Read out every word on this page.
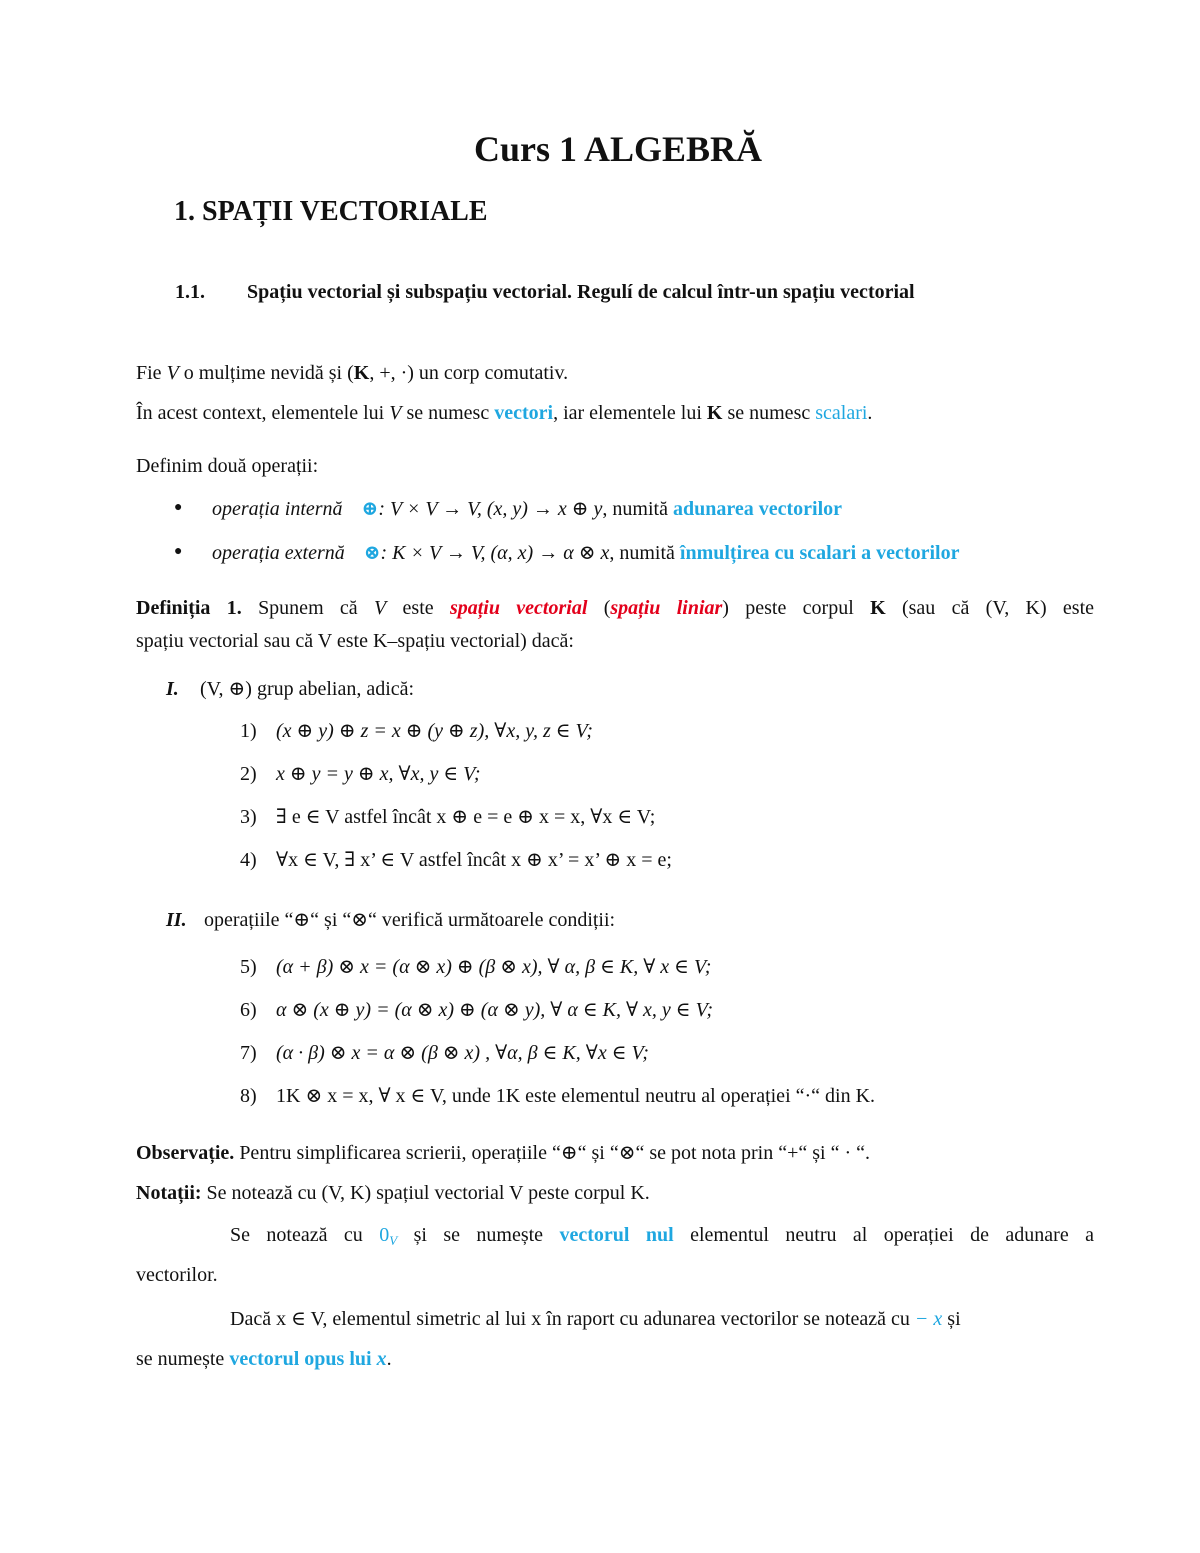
Curs 1 ALGEBRĂ
1. SPAȚII VECTORIALE
1.1. Spațiu vectorial și subspațiu vectorial. Regulí de calcul într-un spațiu vectorial
Fie V o mulțime nevidă și (K, +, ·) un corp comutativ.
În acest context, elementele lui V se numesc vectori, iar elementele lui K se numesc scalari.
Definim două operații:
● operația internă ⊕: V × V → V, (x, y) → x ⊕ y, numită adunarea vectorilor
● operația externă ⊗: K × V → V, (α, x) → α ⊗ x, numită înmulțirea cu scalari a vectorilor
Definiția 1. Spunem că V este spațiu vectorial (spațiu liniar) peste corpul K (sau că (V, K) este
spațiu vectorial sau că V este K–spațiu vectorial) dacă:
I. (V, ⊕) grup abelian, adică:
1) (x ⊕ y) ⊕ z = x ⊕ (y ⊕ z), ∀x, y, z ∈ V;
2) x ⊕ y = y ⊕ x, ∀x, y ∈ V;
3) ∃ e ∈ V astfel încât x ⊕ e = e ⊕ x = x, ∀x ∈ V;
4) ∀x ∈ V, ∃ x’ ∈ V astfel încât x ⊕ x’ = x’ ⊕ x = e;
II. operațiile “⊕“ și “⊗“ verifică următoarele condiții:
5) (α + β) ⊗ x = (α ⊗ x) ⊕ (β ⊗ x), ∀ α, β ∈ K, ∀ x ∈ V;
6) α ⊗ (x ⊕ y) = (α ⊗ x) ⊕ (α ⊗ y), ∀ α ∈ K, ∀ x, y ∈ V;
7) (α · β) ⊗ x = α ⊗ (β ⊗ x) , ∀α, β ∈ K, ∀x ∈ V;
8) 1K ⊗ x = x, ∀ x ∈ V, unde 1K este elementul neutru al operației “·“ din K.
Observație. Pentru simplificarea scrierii, operațiile “⊕“ și “⊗“ se pot nota prin “+“ și “ · “.
Notații: Se notează cu (V, K) spațiul vectorial V peste corpul K.
Se notează cu $0_V$ și se numește vectorul nul elementul neutru al operației de adunare a
vectorilor.
Dacă x ∈ V, elementul simetric al lui x în raport cu adunarea vectorilor se notează cu − x și
se numește vectorul opus lui x.
